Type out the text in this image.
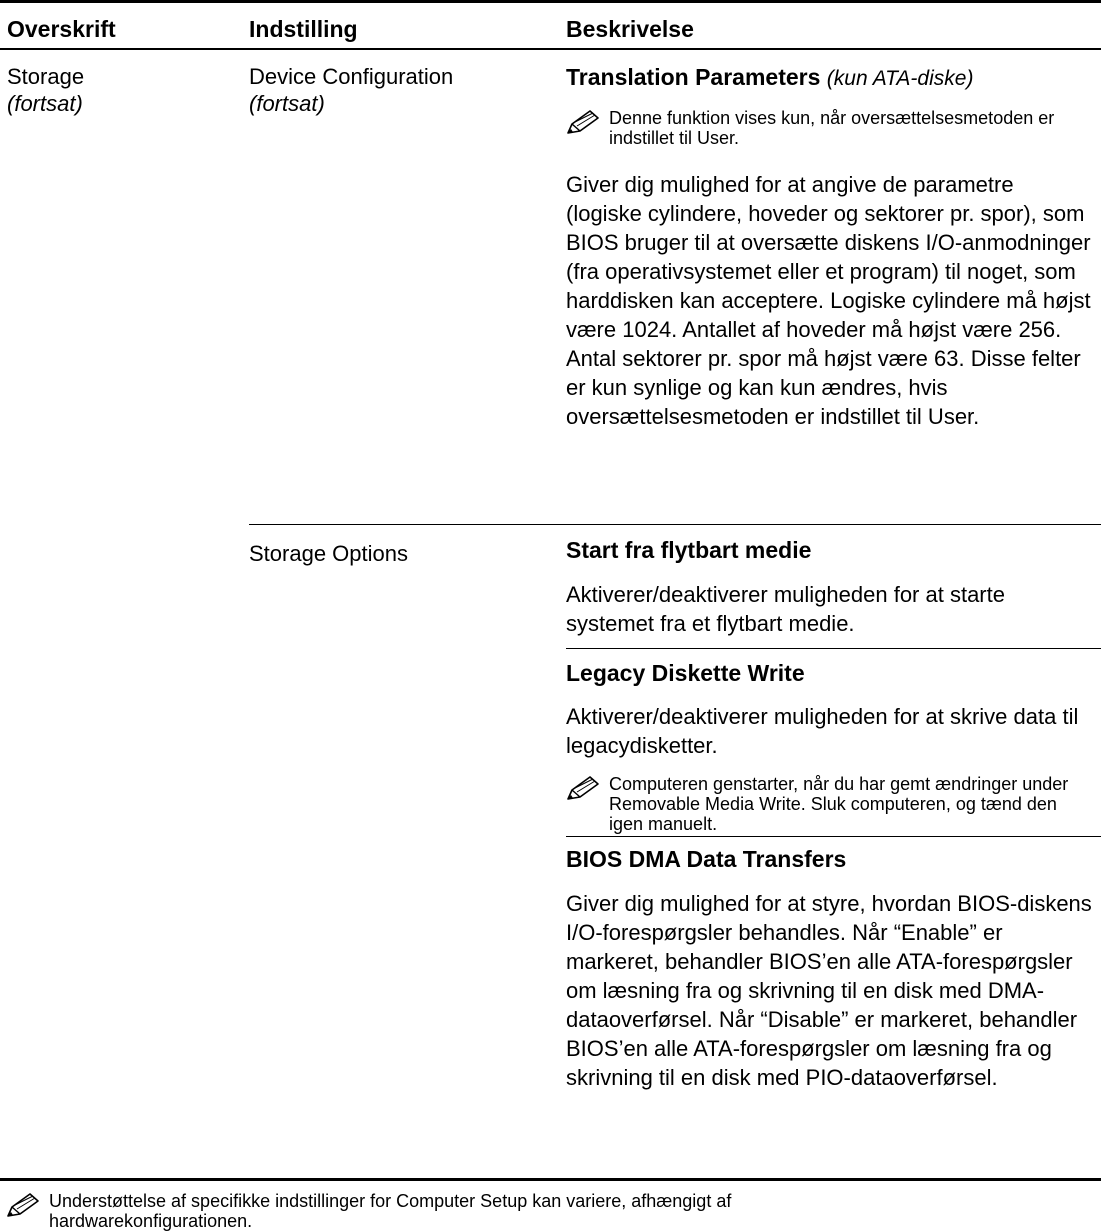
Overskrift	Indstilling	Beskrivelse
Storage
(fortsat)
Device Configuration
(fortsat)
Storage Options

Translation Parameters (kun ATA-diske)

Denne funktion vises kun, når oversættelsesmetoden er indstillet til User.

Giver dig mulighed for at angive de parametre (logiske cylindere, hoveder og sektorer pr. spor), som BIOS bruger til at oversætte diskens I/O-anmodninger (fra operativsystemet eller et program) til noget, som harddisken kan acceptere. Logiske cylindere må højst være 1024. Antallet af hoveder må højst være 256. Antal sektorer pr. spor må højst være 63. Disse felter er kun synlige og kan kun ændres, hvis oversættelsesmetoden er indstillet til User.

Start fra flytbart medie

Aktiverer/deaktiverer muligheden for at starte systemet fra et flytbart medie.

Legacy Diskette Write

Aktiverer/deaktiverer muligheden for at skrive data til legacydisketter.

Computeren genstarter, når du har gemt ændringer under Removable Media Write. Sluk computeren, og tænd den igen manuelt.

BIOS DMA Data Transfers

Giver dig mulighed for at styre, hvordan BIOS-diskens I/O-forespørgsler behandles. Når “Enable” er markeret, behandler BIOS’en alle ATA-forespørgsler om læsning fra og skrivning til en disk med DMA-dataoverførsel. Når “Disable” er markeret, behandler BIOS’en alle ATA-forespørgsler om læsning fra og skrivning til en disk med PIO-dataoverførsel.

Understøttelse af specifikke indstillinger for Computer Setup kan variere, afhængigt af hardwarekonfigurationen.
